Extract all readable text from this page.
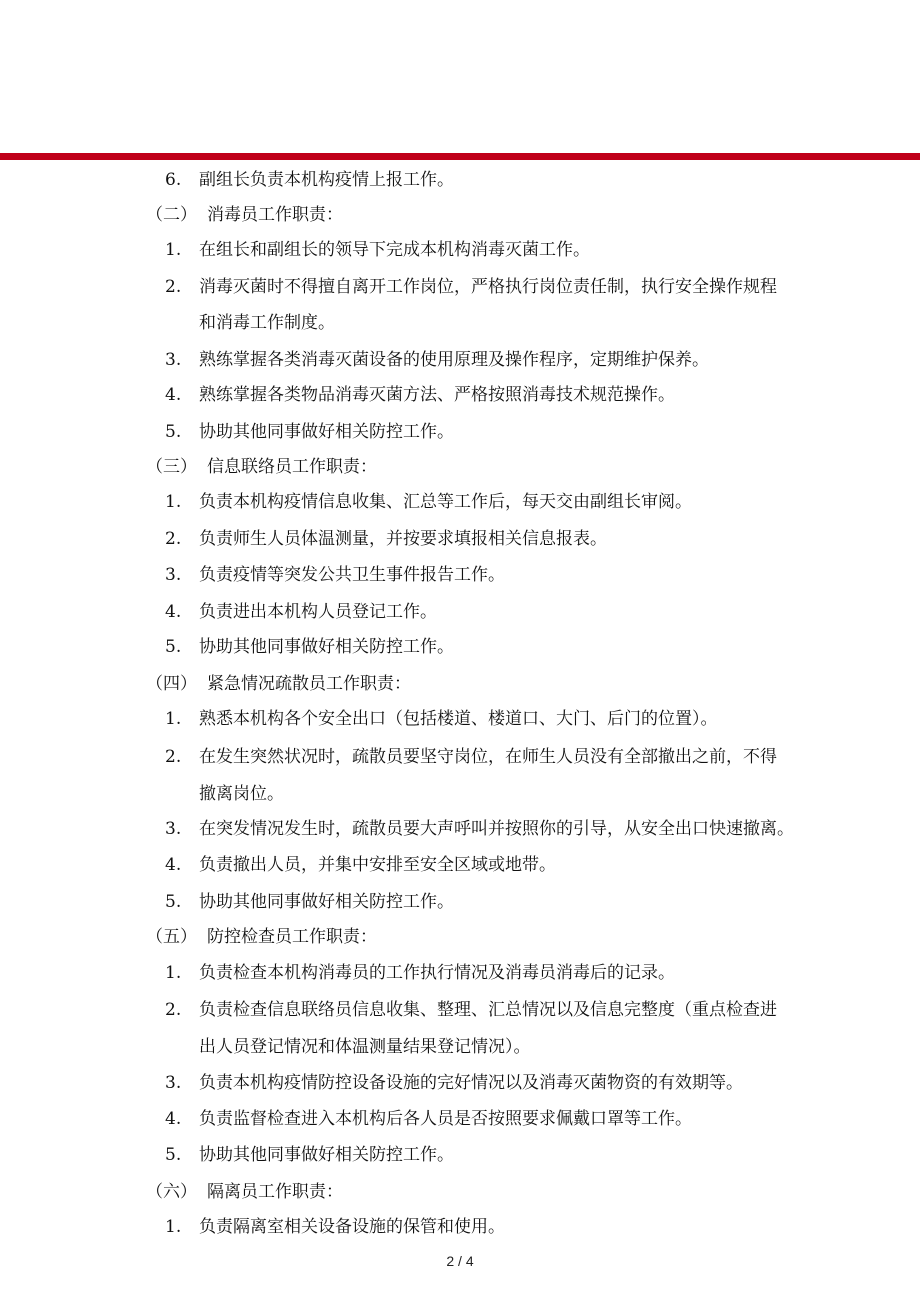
6. 副组长负责本机构疫情上报工作。
（二） 消毒员工作职责：
1. 在组长和副组长的领导下完成本机构消毒灭菌工作。
2. 消毒灭菌时不得擅自离开工作岗位，严格执行岗位责任制，执行安全操作规程
和消毒工作制度。
3. 熟练掌握各类消毒灭菌设备的使用原理及操作程序，定期维护保养。
4. 熟练掌握各类物品消毒灭菌方法、严格按照消毒技术规范操作。
5. 协助其他同事做好相关防控工作。
（三） 信息联络员工作职责：
1. 负责本机构疫情信息收集、汇总等工作后，每天交由副组长审阅。
2. 负责师生人员体温测量，并按要求填报相关信息报表。
3. 负责疫情等突发公共卫生事件报告工作。
4. 负责进出本机构人员登记工作。
5. 协助其他同事做好相关防控工作。
（四） 紧急情况疏散员工作职责：
1. 熟悉本机构各个安全出口（包括楼道、楼道口、大门、后门的位置）。
2. 在发生突然状况时，疏散员要坚守岗位，在师生人员没有全部撤出之前，不得
撤离岗位。
3. 在突发情况发生时，疏散员要大声呼叫并按照你的引导，从安全出口快速撤离。
4. 负责撤出人员，并集中安排至安全区域或地带。
5. 协助其他同事做好相关防控工作。
（五） 防控检查员工作职责：
1. 负责检查本机构消毒员的工作执行情况及消毒员消毒后的记录。
2. 负责检查信息联络员信息收集、整理、汇总情况以及信息完整度（重点检查进
出人员登记情况和体温测量结果登记情况）。
3. 负责本机构疫情防控设备设施的完好情况以及消毒灭菌物资的有效期等。
4. 负责监督检查进入本机构后各人员是否按照要求佩戴口罩等工作。
5. 协助其他同事做好相关防控工作。
（六） 隔离员工作职责：
1. 负责隔离室相关设备设施的保管和使用。
2 / 4
